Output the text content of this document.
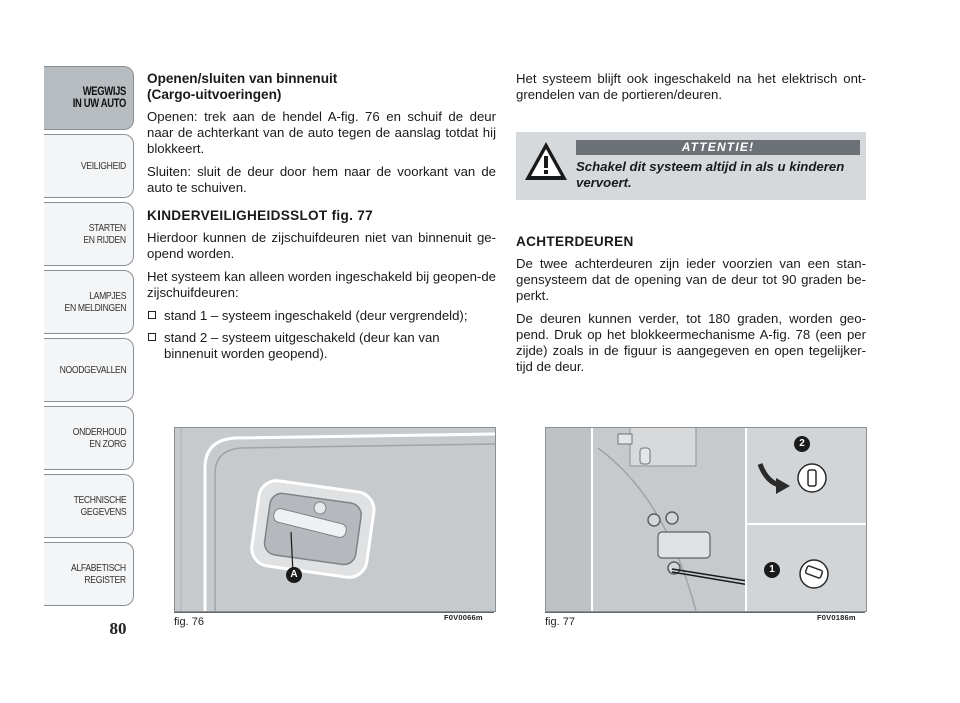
WEGWIJS
IN UW AUTO
VEILIGHEID
STARTEN
EN RIJDEN
LAMPJES
EN MELDINGEN
NOODGEVALLEN
ONDERHOUD
EN ZORG
TECHNISCHE
GEGEVENS
ALFABETISCH
REGISTER
80
Openen/sluiten van binnenuit
(Cargo-uitvoeringen)

Openen: trek aan de hendel A-fig. 76 en schuif de deur naar de achterkant van de auto tegen de aanslag totdat hij blokkeert.

Sluiten: sluit de deur door hem naar de voorkant van de auto te schuiven.

KINDERVEILIGHEIDSSLOT fig. 77

Hierdoor kunnen de zijschuifdeuren niet van binnenuit ge-opend worden.

Het systeem kan alleen worden ingeschakeld bij geopen-de zijschuifdeuren:

stand 1 – systeem ingeschakeld (deur vergrendeld);
stand 2 – systeem uitgeschakeld (deur kan van binnenuit worden geopend).

Het systeem blijft ook ingeschakeld na het elektrisch ont-grendelen van de portieren/deuren.

ATTENTIE!
Schakel dit systeem altijd in als u kinderen vervoert.
ACHTERDEUREN

De twee achterdeuren zijn ieder voorzien van een stan-gensysteem dat de opening van de deur tot 90 graden be-perkt.

De deuren kunnen verder, tot 180 graden, worden geo-pend. Druk op het blokkeermechanisme A-fig. 78 (een per zijde) zoals in de figuur is aangegeven en open tegelijker-tijd de deur.

A
fig. 76	F0V0066m
2
1
fig. 77	F0V0186m
